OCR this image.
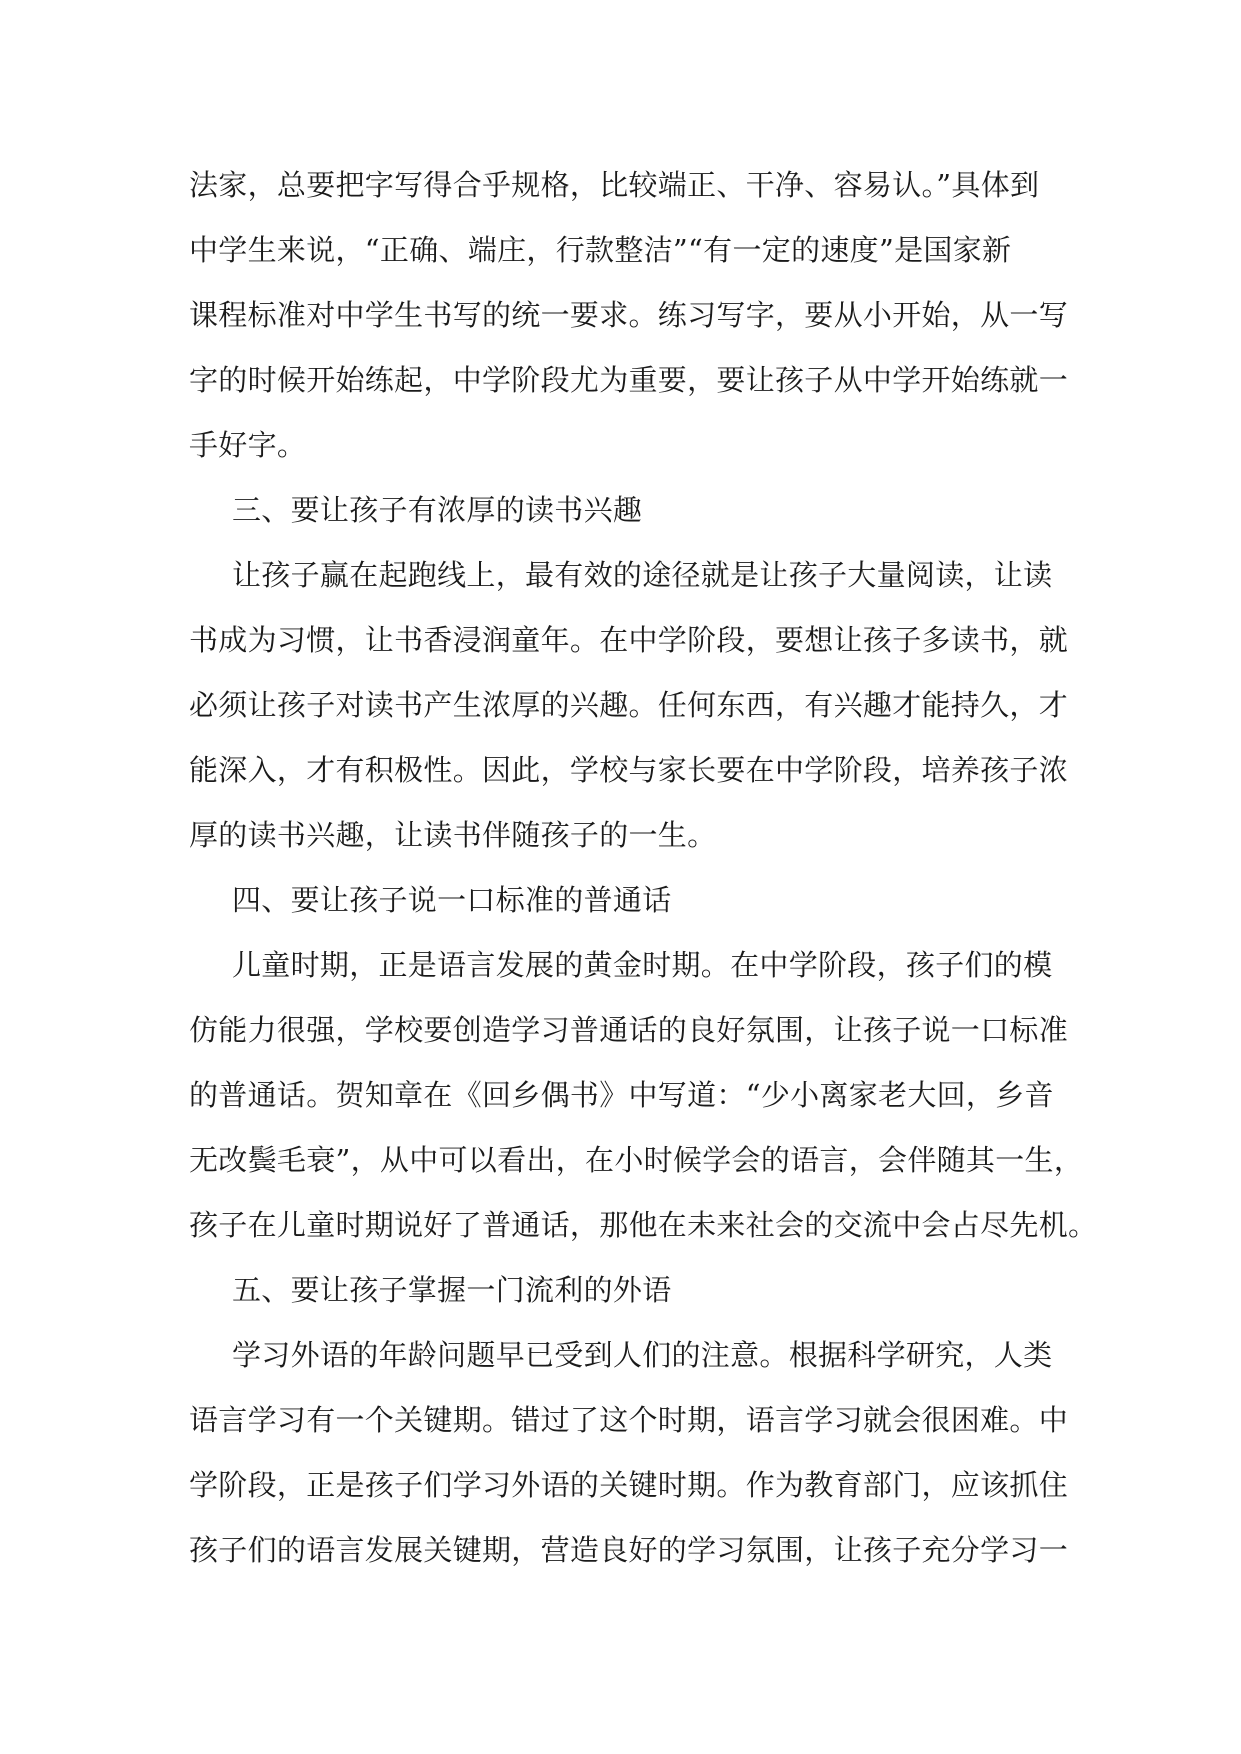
法家，总要把字写得合乎规格，比较端正、干净、容易认。”具体到
中学生来说，“正确、端庄，行款整洁”“有一定的速度”是国家新
课程标准对中学生书写的统一要求。练习写字，要从小开始，从一写
字的时候开始练起，中学阶段尤为重要，要让孩子从中学开始练就一
手好字。
三、要让孩子有浓厚的读书兴趣
让孩子赢在起跑线上，最有效的途径就是让孩子大量阅读，让读
书成为习惯，让书香浸润童年。在中学阶段，要想让孩子多读书，就
必须让孩子对读书产生浓厚的兴趣。任何东西，有兴趣才能持久，才
能深入，才有积极性。因此，学校与家长要在中学阶段，培养孩子浓
厚的读书兴趣，让读书伴随孩子的一生。
四、要让孩子说一口标准的普通话
儿童时期，正是语言发展的黄金时期。在中学阶段，孩子们的模
仿能力很强，学校要创造学习普通话的良好氛围，让孩子说一口标准
的普通话。贺知章在《回乡偶书》中写道：“少小离家老大回，乡音
无改鬓毛衰”，从中可以看出，在小时候学会的语言，会伴随其一生，
孩子在儿童时期说好了普通话，那他在未来社会的交流中会占尽先机。
五、要让孩子掌握一门流利的外语
学习外语的年龄问题早已受到人们的注意。根据科学研究，人类
语言学习有一个关键期。错过了这个时期，语言学习就会很困难。中
学阶段，正是孩子们学习外语的关键时期。作为教育部门，应该抓住
孩子们的语言发展关键期，营造良好的学习氛围，让孩子充分学习一
